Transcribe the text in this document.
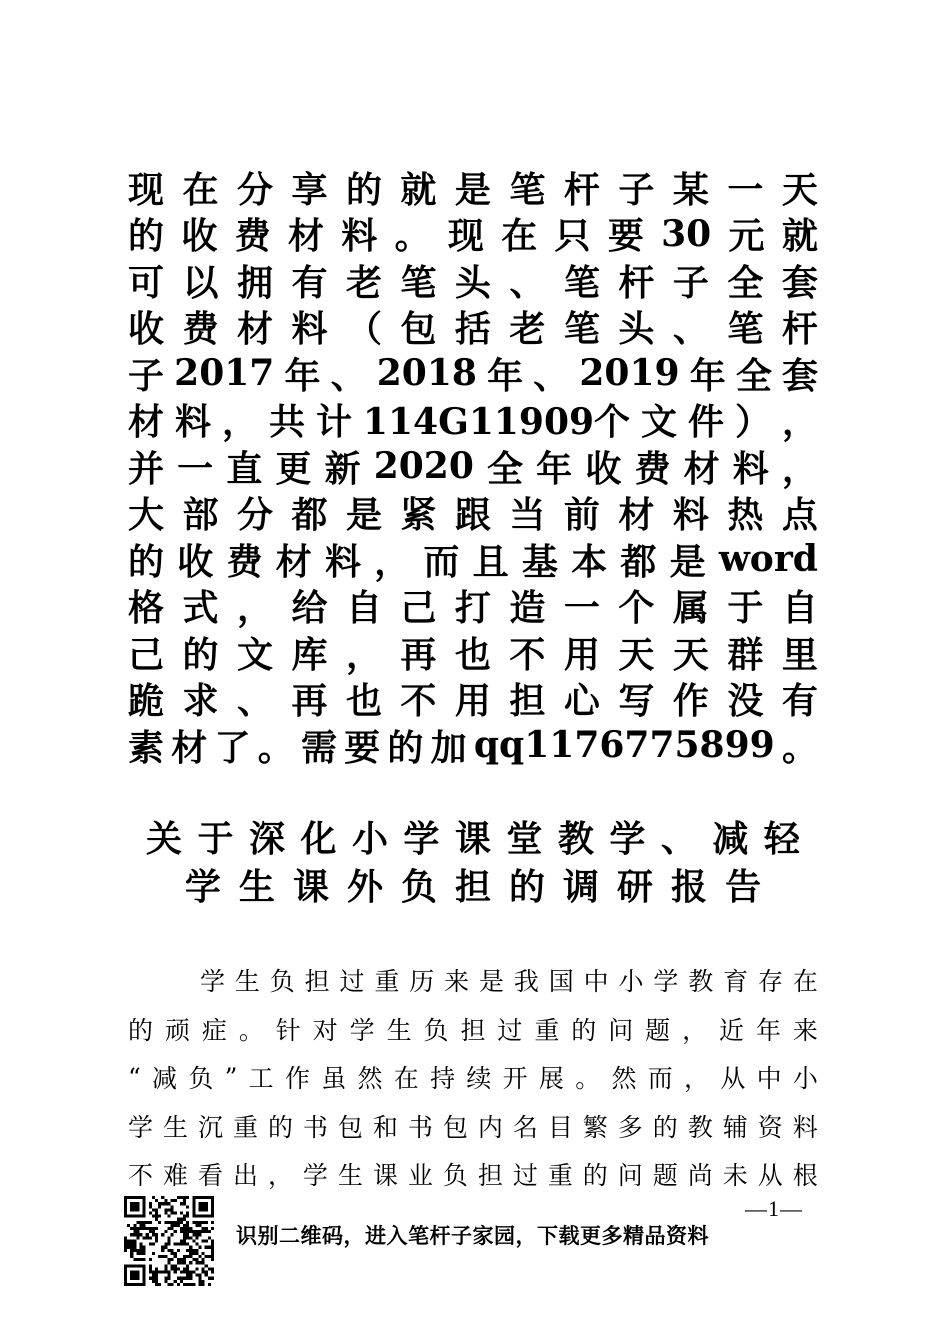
现 在 分 享 的 就 是 笔 杆 子 某 一 天
的 收 费 材 料 。 现 在 只 要 30 元 就
可 以 拥 有 老 笔 头 、 笔 杆 子 全 套
收 费 材 料 （ 包 括 老 笔 头 、 笔 杆
子 2017 年 、 2018 年 、 2019 年 全 套
材 料 ， 共 计 114G11909个 文 件 ） ，
并 一 直 更 新 2020 全 年 收 费 材 料 ，
大 部 分 都 是 紧 跟 当 前 材 料 热 点
的 收 费 材 料 ， 而 且 基 本 都 是 word
格 式 ， 给 自 己 打 造 一 个 属 于 自
己 的 文 库 ， 再 也 不 用 天 天 群 里
跪 求 、 再 也 不 用 担 心 写 作 没 有
素 材 了 。 需 要 的 加 qq1176775899 。
关 于 深 化 小 学 课 堂 教 学 、 减 轻
学 生 课 外 负 担 的 调 研 报 告
学 生 负 担 过 重 历 来 是 我 国 中 小 学 教 育 存 在
的 顽 症 。 针 对 学 生 负 担 过 重 的 问 题 ， 近 年 来
“ 减 负 ” 工 作 虽 然 在 持 续 开 展 。 然 而 ， 从 中 小
学 生 沉 重 的 书 包 和 书 包 内 名 目 繁 多 的 教 辅 资 料
不 难 看 出 ， 学 生 课 业 负 担 过 重 的 问 题 尚 未 从 根
—1—
识别二维码，进入笔杆子家园，下载更多精品资料
